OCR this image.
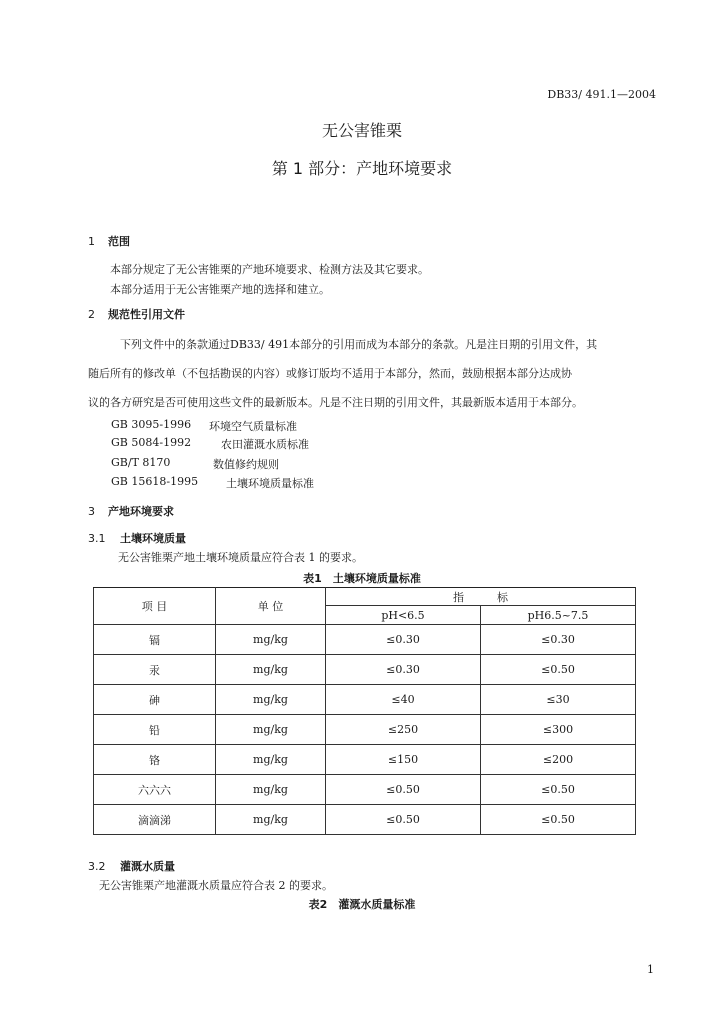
DB33/ 491.1—2004
无公害锥栗
第 1 部分：产地环境要求
1 范围
本部分规定了无公害锥栗的产地环境要求、检测方法及其它要求。
本部分适用于无公害锥栗产地的选择和建立。
2 规范性引用文件
下列文件中的条款通过DB33/ 491本部分的引用而成为本部分的条款。凡是注日期的引用文件，其
随后所有的修改单（不包括勘误的内容）或修订版均不适用于本部分，然而，鼓励根据本部分达成协
议的各方研究是否可使用这些文件的最新版本。凡是不注日期的引用文件，其最新版本适用于本部分。
GB 3095-1996 环境空气质量标准
GB 5084-1992	农田灌溉水质标准
GB/T 8170	数值修约规则
GB 15618-1995	土壤环境质量标准
3 产地环境要求
3.1 土壤环境质量
无公害锥栗产地土壤环境质量应符合表 1 的要求。
表1　土壤环境质量标准
项 目	单 位	指　　　标	
		pH<6.5	pH6.5~7.5
镉	mg/kg	≤0.30	≤0.30
汞	mg/kg	≤0.30	≤0.50
砷	mg/kg	≤40	≤30
铅	mg/kg	≤250	≤300
铬	mg/kg	≤150	≤200
六六六	mg/kg	≤0.50	≤0.50
滴滴涕	mg/kg	≤0.50	≤0.50
3.2 灌溉水质量
无公害锥栗产地灌溉水质量应符合表 2 的要求。
表2　灌溉水质量标准
1
